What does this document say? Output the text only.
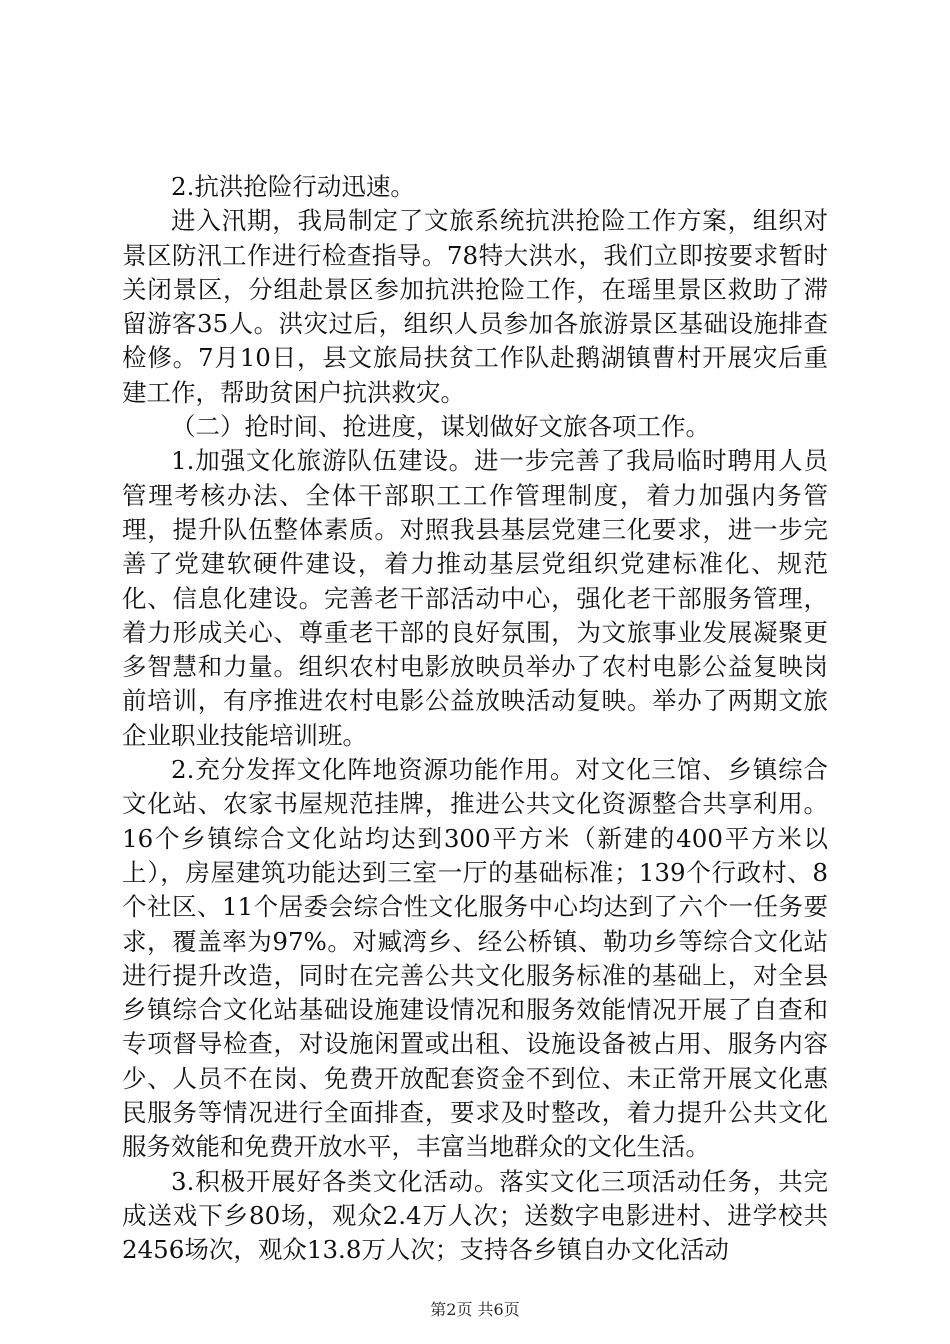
2.抗洪抢险行动迅速。

进入汛期，我局制定了文旅系统抗洪抢险工作方案，组织对景区防汛工作进行检查指导。78特大洪水，我们立即按要求暂时关闭景区，分组赴景区参加抗洪抢险工作，在瑶里景区救助了滞留游客35人。洪灾过后，组织人员参加各旅游景区基础设施排查检修。7月10日，县文旅局扶贫工作队赴鹅湖镇曹村开展灾后重建工作，帮助贫困户抗洪救灾。

（二）抢时间、抢进度，谋划做好文旅各项工作。

1.加强文化旅游队伍建设。进一步完善了我局临时聘用人员管理考核办法、全体干部职工工作管理制度，着力加强内务管理，提升队伍整体素质。对照我县基层党建三化要求，进一步完善了党建软硬件建设，着力推动基层党组织党建标准化、规范化、信息化建设。完善老干部活动中心，强化老干部服务管理，着力形成关心、尊重老干部的良好氛围，为文旅事业发展凝聚更多智慧和力量。组织农村电影放映员举办了农村电影公益复映岗前培训，有序推进农村电影公益放映活动复映。举办了两期文旅企业职业技能培训班。

2.充分发挥文化阵地资源功能作用。对文化三馆、乡镇综合文化站、农家书屋规范挂牌，推进公共文化资源整合共享利用。16个乡镇综合文化站均达到300平方米（新建的400平方米以上），房屋建筑功能达到三室一厅的基础标准；139个行政村、8个社区、11个居委会综合性文化服务中心均达到了六个一任务要求，覆盖率为97%。对臧湾乡、经公桥镇、勒功乡等综合文化站进行提升改造，同时在完善公共文化服务标准的基础上，对全县乡镇综合文化站基础设施建设情况和服务效能情况开展了自查和专项督导检查，对设施闲置或出租、设施设备被占用、服务内容少、人员不在岗、免费开放配套资金不到位、未正常开展文化惠民服务等情况进行全面排查，要求及时整改，着力提升公共文化服务效能和免费开放水平，丰富当地群众的文化生活。

3.积极开展好各类文化活动。落实文化三项活动任务，共完成送戏下乡80场，观众2.4万人次；送数字电影进村、进学校共2456场次，观众13.8万人次；支持各乡镇自办文化活动

第2页 共6页
